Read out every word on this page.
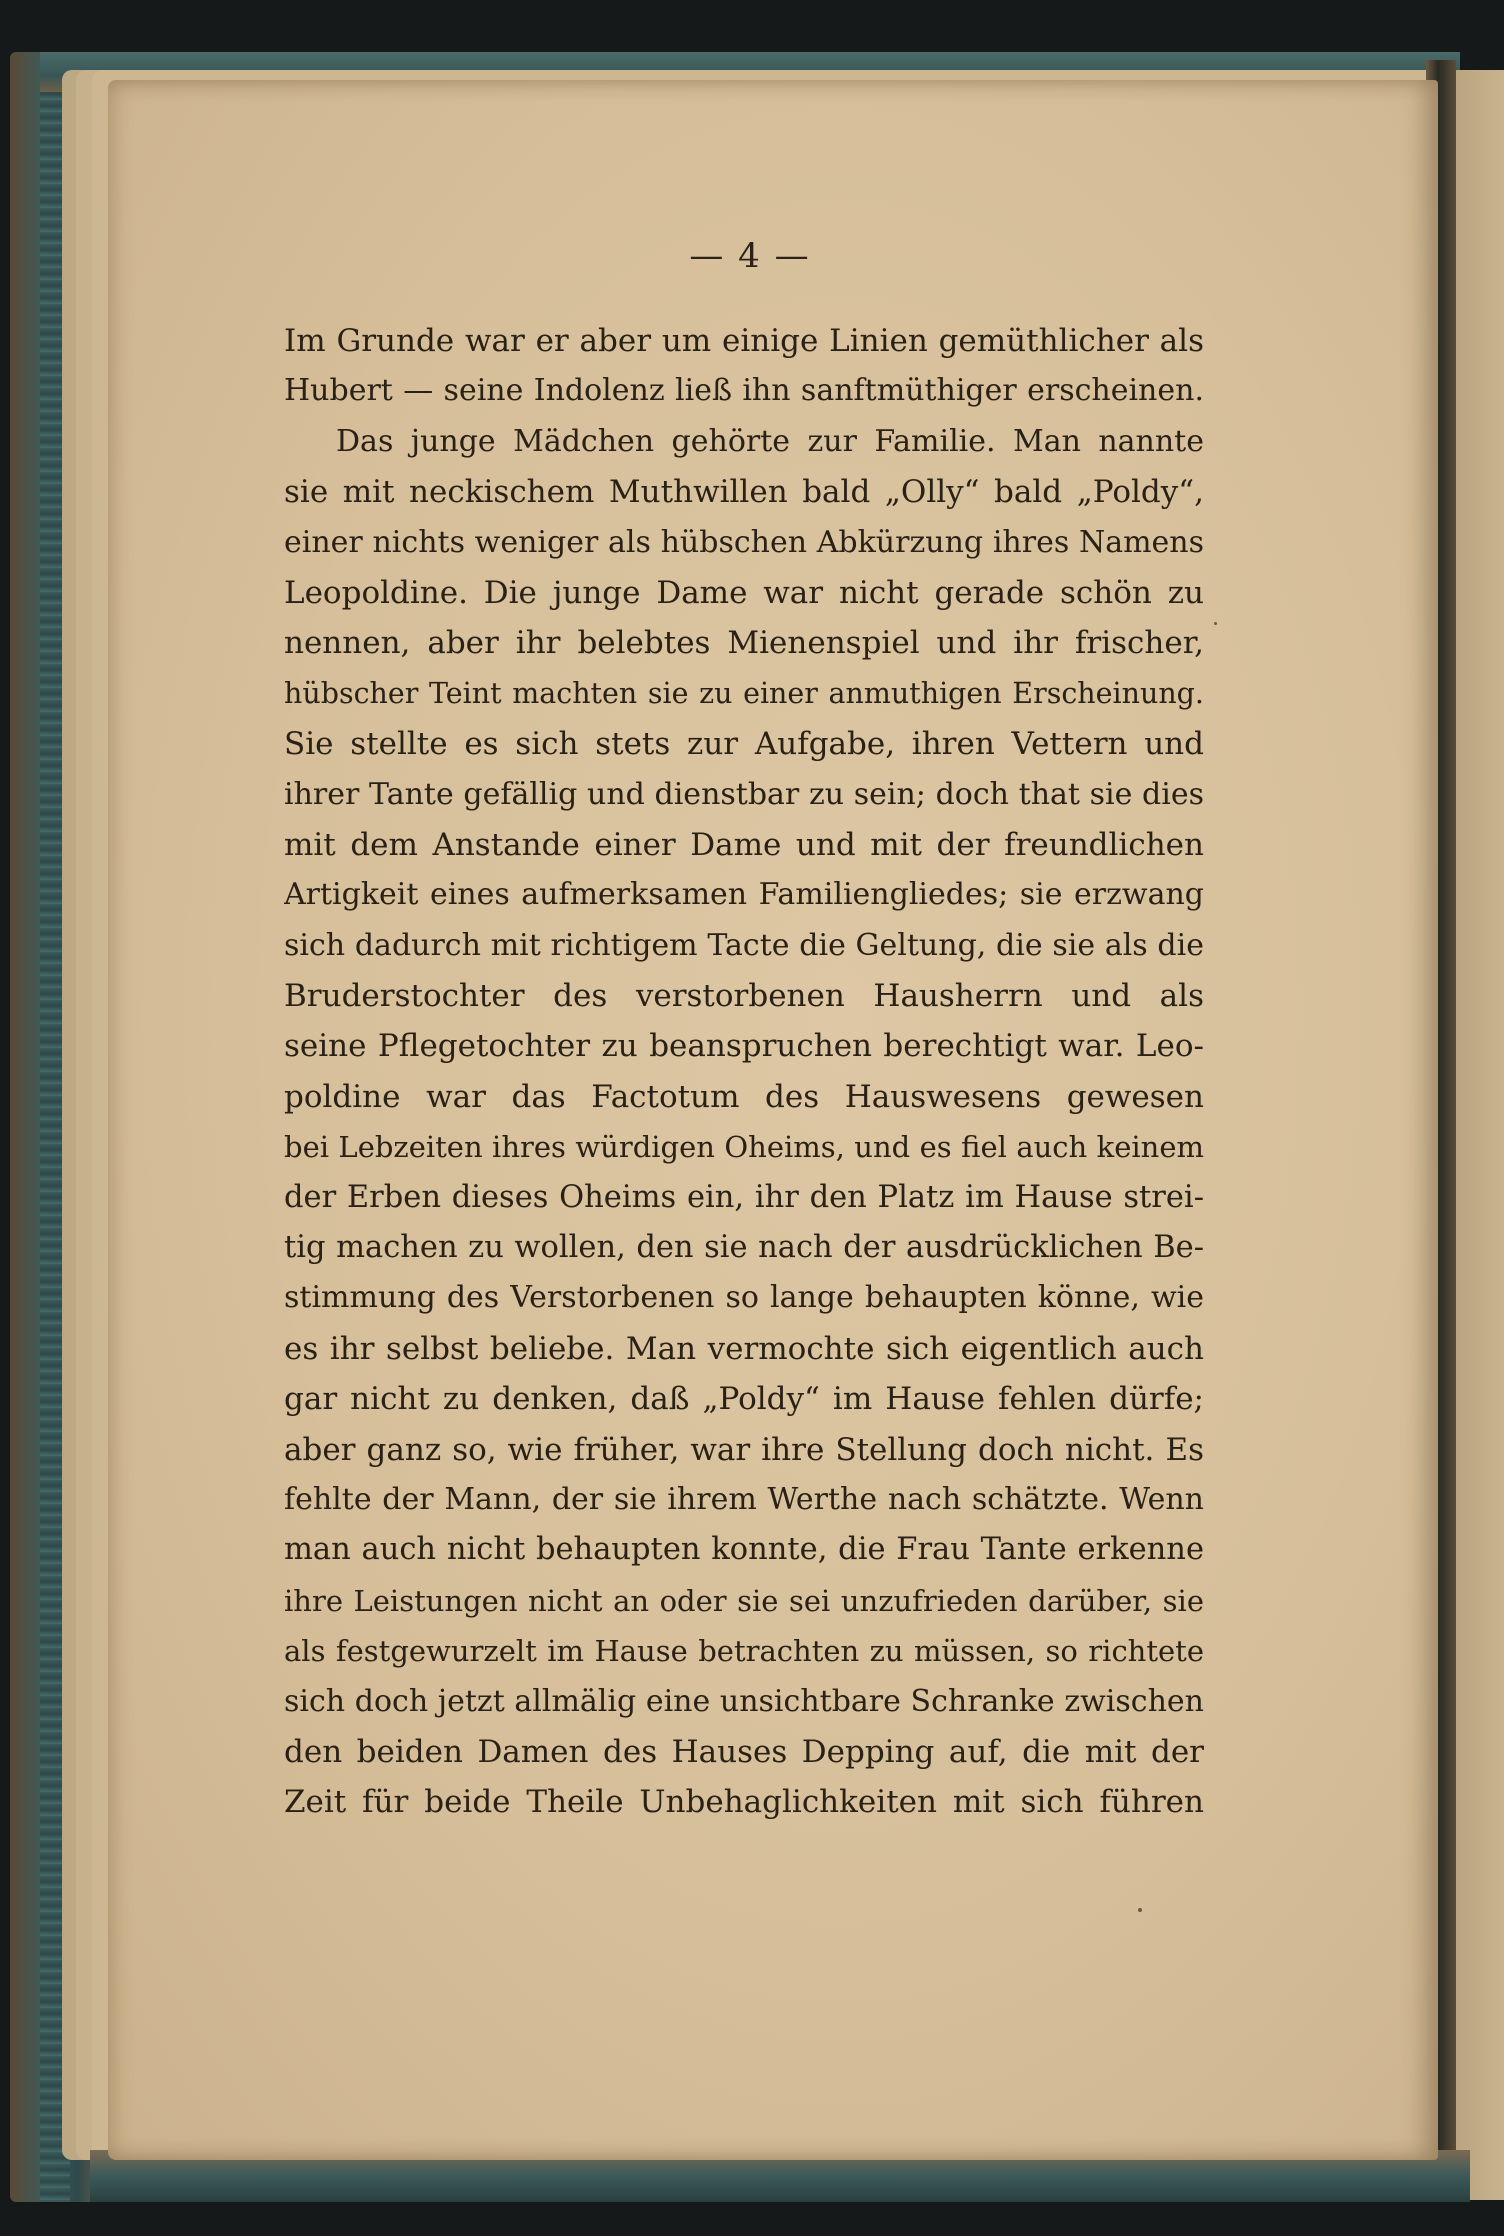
— 4 —
Im Grunde war er aber um einige Linien gemüthlicher als
Hubert — seine Indolenz ließ ihn sanftmüthiger erscheinen.
Das junge Mädchen gehörte zur Familie. Man nannte
sie mit neckischem Muthwillen bald „Olly“ bald „Poldy“,
einer nichts weniger als hübschen Abkürzung ihres Namens
Leopoldine. Die junge Dame war nicht gerade schön zu
nennen, aber ihr belebtes Mienenspiel und ihr frischer,
hübscher Teint machten sie zu einer anmuthigen Erscheinung.
Sie stellte es sich stets zur Aufgabe, ihren Vettern und
ihrer Tante gefällig und dienstbar zu sein; doch that sie dies
mit dem Anstande einer Dame und mit der freundlichen
Artigkeit eines aufmerksamen Familiengliedes; sie erzwang
sich dadurch mit richtigem Tacte die Geltung, die sie als die
Bruderstochter des verstorbenen Hausherrn und als
seine Pflegetochter zu beanspruchen berechtigt war. Leo-
poldine war das Factotum des Hauswesens gewesen
bei Lebzeiten ihres würdigen Oheims, und es fiel auch keinem
der Erben dieses Oheims ein, ihr den Platz im Hause strei-
tig machen zu wollen, den sie nach der ausdrücklichen Be-
stimmung des Verstorbenen so lange behaupten könne, wie
es ihr selbst beliebe. Man vermochte sich eigentlich auch
gar nicht zu denken, daß „Poldy“ im Hause fehlen dürfe;
aber ganz so, wie früher, war ihre Stellung doch nicht. Es
fehlte der Mann, der sie ihrem Werthe nach schätzte. Wenn
man auch nicht behaupten konnte, die Frau Tante erkenne
ihre Leistungen nicht an oder sie sei unzufrieden darüber, sie
als festgewurzelt im Hause betrachten zu müssen, so richtete
sich doch jetzt allmälig eine unsichtbare Schranke zwischen
den beiden Damen des Hauses Depping auf, die mit der
Zeit für beide Theile Unbehaglichkeiten mit sich führen
